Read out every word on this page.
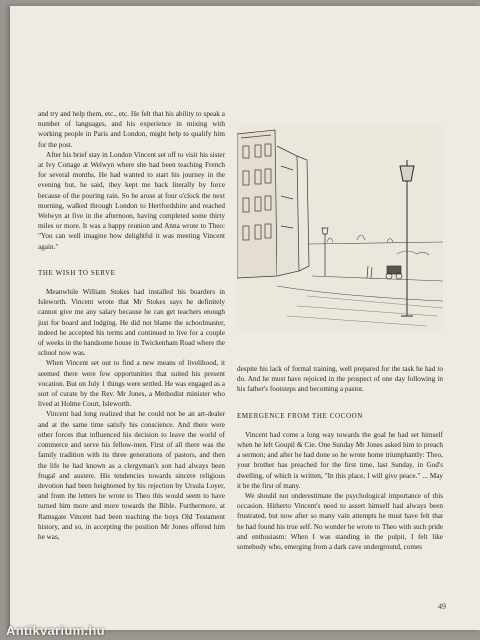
and try and help them, etc., etc. He felt that his ability to speak a number of languages, and his experience in mixing with working people in Paris and London, might help to qualify him for the post.

After his brief stay in London Vincent set off to visit his sister at Ivy Cottage at Welwyn where she had been teaching French for several months. He had wanted to start his journey in the evening but, he said, they kept me back literally by force because of the pouring rain. So he arose at four o'clock the next morning, walked through London to Hertfordshire and reached Welwyn at five in the afternoon, having completed some thirty miles or more. It was a happy reunion and Anna wrote to Theo: "You can well imagine how delightful it was meeting Vincent again."

THE WISH TO SERVE

Meanwhile William Stokes had installed his boarders in Isleworth. Vincent wrote that Mr Stokes says he definitely cannot give me any salary because he can get teachers enough just for board and lodging. He did not blame the schoolmaster, indeed he accepted his terms and continued to live for a couple of weeks in the handsome house in Twickenham Road where the school now was.

When Vincent set out to find a new means of livelihood, it seemed there were few opportunities that suited his present vocation. But on July 1 things were settled. He was engaged as a sort of curate by the Rev. Mr Jones, a Methodist minister who lived at Holme Court, Isleworth.

Vincent had long realized that he could not be an art-dealer and at the same time satisfy his conscience. And there were other forces that influenced his decision to leave the world of commerce and serve his fellow-men. First of all there was the family tradition with its three generations of pastors, and then the life he had known as a clergyman's son had always been frugal and austere. His tendencies towards sincere religious devotion had been heightened by his rejection by Ursula Loyer, and from the letters he wrote to Theo this would seem to have turned him more and more towards the Bible. Furthermore, at Ramsgate Vincent had been teaching the boys Old Testament history, and so, in accepting the position Mr Jones offered him he was,

despite his lack of formal training, well prepared for the task he had to do. And he must have rejoiced in the prospect of one day following in his father's footsteps and becoming a pastor.

EMERGENCE FROM THE COCOON

Vincent had come a long way towards the goal he had set himself when he left Goupil & Cie. One Sunday Mr Jones asked him to preach a sermon; and after he had done so he wrote home triumphantly: Theo, your brother has preached for the first time, last Sunday, in God's dwelling, of which is written, "In this place, I will give peace." ... May it be the first of many.

We should not underestimate the psychological importance of this occasion. Hitherto Vincent's need to assert himself had always been frustrated, but now after so many vain attempts he must have felt that he had found his true self. No wonder he wrote to Theo with such pride and enthusiasm: When I was standing in the pulpit, I felt like somebody who, emerging from a dark cave underground, comes

49
Antikvarium.hu
